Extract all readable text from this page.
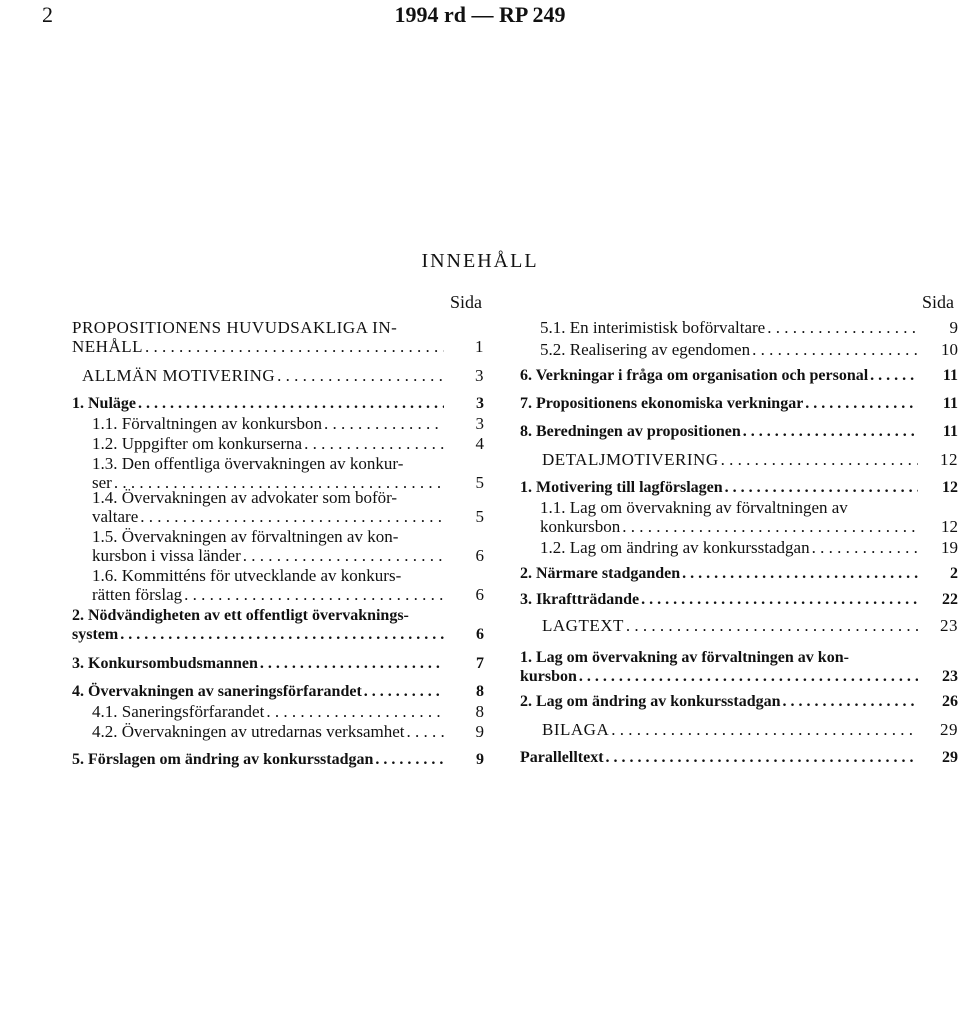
2	1994 rd — RP 249
INNEHÅLL
Sida	Sida
PROPOSITIONENS HUVUDSAKLIGA IN-
NEHÅLL . . .	1
ALLMÄN MOTIVERING . . .	3
1. Nuläge . . .	3
1.1. Förvaltningen av konkursbon . . .	3
1.2. Uppgifter om konkurserna . . .	4
1.3. Den offentliga övervakningen av konkur-
ser . . .	5
1.4. Övervakningen av advokater som boför-
valtare . . .	5
1.5. Övervakningen av förvaltningen av kon-
kursbon i vissa länder . . .	6
1.6. Kommitténs för utvecklande av konkurs-
rätten förslag . . .	6
2. Nödvändigheten av ett offentligt övervaknings-
system . . .	6
3. Konkursombudsmannen . . .	7
4. Övervakningen av saneringsförfarandet . . .	8
4.1. Saneringsförfarandet . . .	8
4.2. Övervakningen av utredarnas verksamhet . . .	9
5. Förslagen om ändring av konkursstadgan . . .	9
5.1. En interimistisk boförvaltare . . .	9
5.2. Realisering av egendomen . . .	10
6. Verkningar i fråga om organisation och personal . . .	11
7. Propositionens ekonomiska verkningar . . .	11
8. Beredningen av propositionen . . .	11
DETALJMOTIVERING . . .	12
1. Motivering till lagförslagen . . .	12
1.1. Lag om övervakning av förvaltningen av
konkursbon . . .	12
1.2. Lag om ändring av konkursstadgan . . .	19
2. Närmare stadganden . . .	2
3. Ikraftträdande . . .	22
LAGTEXT . . .	23
1. Lag om övervakning av förvaltningen av kon-
kursbon . . .	23
2. Lag om ändring av konkursstadgan . . .	26
BILAGA . . .	29
Parallelltext . . .	29
